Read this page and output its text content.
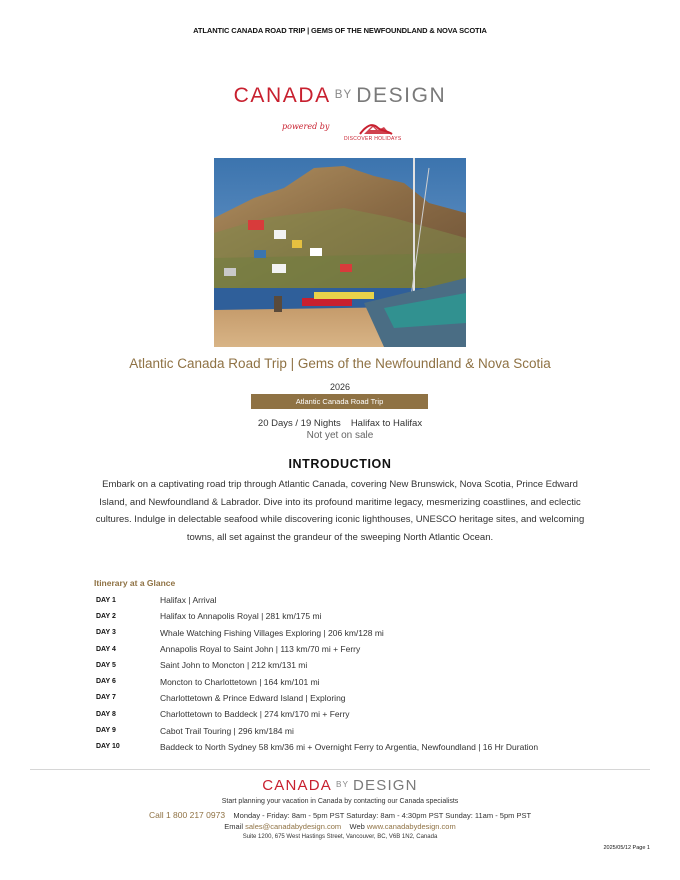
ATLANTIC CANADA ROAD TRIP | GEMS OF THE NEWFOUNDLAND & NOVA SCOTIA
CANADA BY DESIGN
powered by
DISCOVER HOLIDAYS
Atlantic Canada Road Trip | Gems of the Newfoundland & Nova Scotia
2026
Atlantic Canada Road Trip
20 Days / 19 Nights Halifax to Halifax
Not yet on sale
INTRODUCTION
Embark on a captivating road trip through Atlantic Canada, covering New Brunswick, Nova Scotia, Prince Edward Island, and Newfoundland & Labrador. Dive into its profound maritime legacy, mesmerizing coastlines, and eclectic cultures. Indulge in delectable seafood while discovering iconic lighthouses, UNESCO heritage sites, and welcoming towns, all set against the grandeur of the sweeping North Atlantic Ocean.
Itinerary at a Glance
DAY 1	Halifax | Arrival
DAY 2	Halifax to Annapolis Royal | 281 km/175 mi
DAY 3	Whale Watching Fishing Villages Exploring | 206 km/128 mi
DAY 4	Annapolis Royal to Saint John | 113 km/70 mi + Ferry
DAY 5	Saint John to Moncton | 212 km/131 mi
DAY 6	Moncton to Charlottetown | 164 km/101 mi
DAY 7	Charlottetown & Prince Edward Island | Exploring
DAY 8	Charlottetown to Baddeck | 274 km/170 mi + Ferry
DAY 9	Cabot Trail Touring | 296 km/184 mi
DAY 10	Baddeck to North Sydney 58 km/36 mi + Overnight Ferry to Argentia, Newfoundland | 16 Hr Duration
CANADA BY DESIGN
Start planning your vacation in Canada by contacting our Canada specialists
Call 1 800 217 0973 Monday - Friday: 8am - 5pm PST Saturday: 8am - 4:30pm PST Sunday: 11am - 5pm PST
Email sales@canadabydesign.com Web www.canadabydesign.com
Suite 1200, 675 West Hastings Street, Vancouver, BC, V6B 1N2, Canada
2025/05/12 Page 1
